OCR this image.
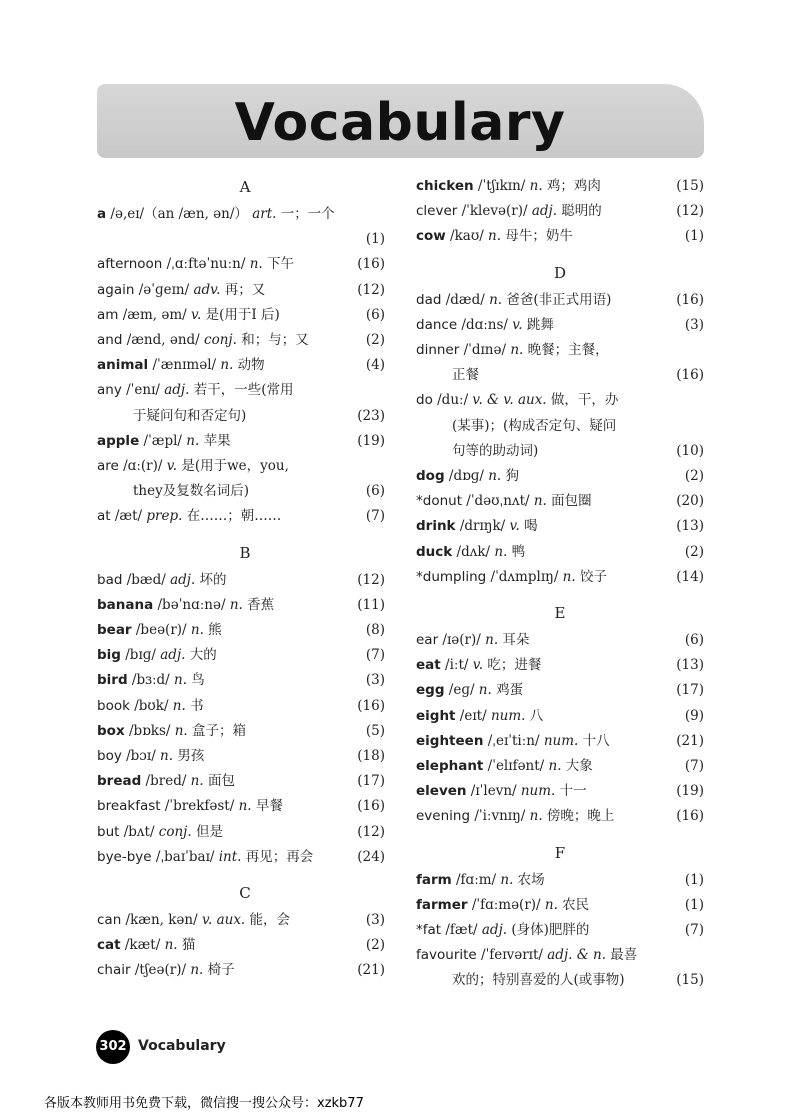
Vocabulary
A
a /ə,eɪ/（an /æn, ən/） art. 一；一个

(1)
afternoon /ˌɑːftəˈnuːn/ n. 下午	(16)
again /əˈɡeɪn/ adv. 再；又	(12)
am /æm, əm/ v. 是(用于I 后)	(6)
and /ænd, ənd/ conj. 和；与；又	(2)
animal /ˈænɪməl/ n. 动物	(4)
any /ˈenɪ/ adj. 若干，一些(常用
于疑问句和否定句)	(23)
apple /ˈæpl/ n. 苹果	(19)
are /ɑː(r)/ v. 是(用于we，you,
they及复数名词后)	(6)
at /æt/ prep. 在……；朝……	(7)
B
bad /bæd/ adj. 坏的	(12)
banana /bəˈnɑːnə/ n. 香蕉	(11)
bear /beə(r)/ n. 熊	(8)
big /bɪɡ/ adj. 大的	(7)
bird /bɜːd/ n. 鸟	(3)
book /bʊk/ n. 书	(16)
box /bɒks/ n. 盒子；箱	(5)
boy /bɔɪ/ n. 男孩	(18)
bread /bred/ n. 面包	(17)
breakfast /ˈbrekfəst/ n. 早餐	(16)
but /bʌt/ conj. 但是	(12)
bye-bye /ˌbaɪˈbaɪ/ int. 再见；再会	(24)
C
can /kæn, kən/ v. aux. 能，会	(3)
cat /kæt/ n. 猫	(2)
chair /tʃeə(r)/ n. 椅子	(21)
chicken /ˈtʃɪkɪn/ n. 鸡；鸡肉	(15)
clever /ˈklevə(r)/ adj. 聪明的	(12)
cow /kaʊ/ n. 母牛；奶牛	(1)
D
dad /dæd/ n. 爸爸(非正式用语)	(16)
dance /dɑːns/ v. 跳舞	(3)
dinner /ˈdɪnə/ n. 晚餐；主餐，
正餐	(16)
do /duː/ v. & v. aux. 做，干，办
(某事)；(构成否定句、疑问
句等的助动词)	(10)
dog /dɒɡ/ n. 狗	(2)
*donut /ˈdəʊˌnʌt/ n. 面包圈	(20)
drink /drɪŋk/ v. 喝	(13)
duck /dʌk/ n. 鸭	(2)
*dumpling /ˈdʌmplɪŋ/ n. 饺子	(14)
E
ear /ɪə(r)/ n. 耳朵	(6)
eat /iːt/ v. 吃；进餐	(13)
egg /eɡ/ n. 鸡蛋	(17)
eight /eɪt/ num. 八	(9)
eighteen /ˌeɪˈtiːn/ num. 十八	(21)
elephant /ˈelɪfənt/ n. 大象	(7)
eleven /ɪˈlevn/ num. 十一	(19)
evening /ˈiːvnɪŋ/ n. 傍晚；晚上	(16)
F
farm /fɑːm/ n. 农场	(1)
farmer /ˈfɑːmə(r)/ n. 农民	(1)
*fat /fæt/ adj. (身体)肥胖的	(7)
favourite /ˈfeɪvərɪt/ adj. & n. 最喜
欢的；特别喜爱的人(或事物)	(15)
302 Vocabulary
各版本教师用书免费下载，微信搜一搜公众号：xzkb77
